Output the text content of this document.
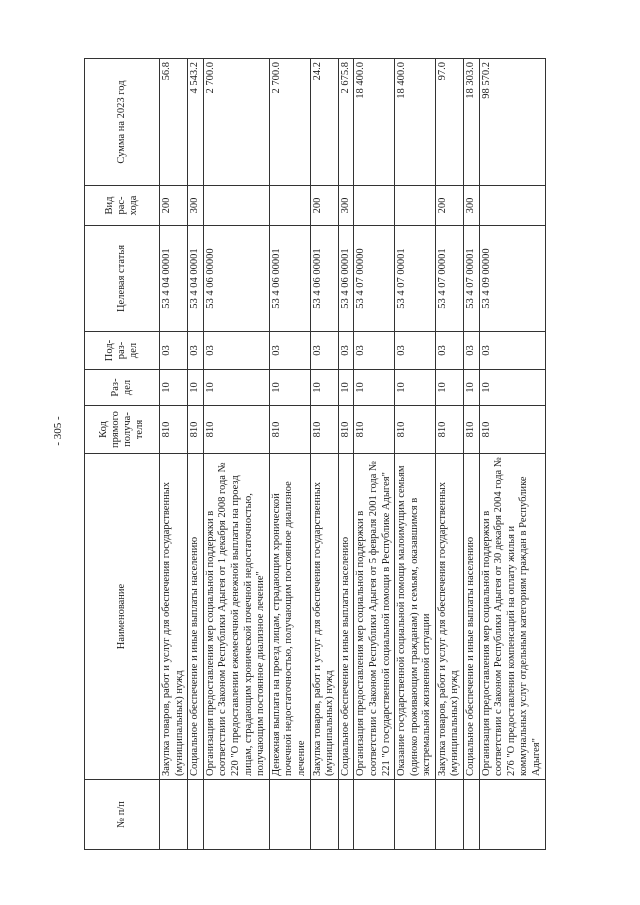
- 305 -
№ п/п	Наименование	Код прямого получа-теля	Раз-дел	Под-раз-дел	Целевая статья	Вид рас-хода	Сумма на 2023 год
	Закупка товаров, работ и услуг для обеспечения государственных (муниципальных) нужд	810	10	03	53 4 04 00001	200	56.8
	Социальное обеспечение и иные выплаты населению	810	10	03	53 4 04 00001	300	4 543.2
	Организация предоставления мер социальной поддержки в соответствии с Законом Республики Адыгея от 1 декабря 2008 года № 220 "О предоставлении ежемесячной денежной выплаты на проезд лицам, страдающим хронической почечной недостаточностью, получающим постоянное диализное лечение"	810	10	03	53 4 06 00000		2 700.0
	Денежная выплата на проезд лицам, страдающим хронической почечной недостаточностью, получающим постоянное диализное лечение	810	10	03	53 4 06 00001		2 700.0
	Закупка товаров, работ и услуг для обеспечения государственных (муниципальных) нужд	810	10	03	53 4 06 00001	200	24.2
	Социальное обеспечение и иные выплаты населению	810	10	03	53 4 06 00001	300	2 675.8
	Организация предоставления мер социальной поддержки в соответствии с Законом Республики Адыгея от 5 февраля 2001 года № 221 "О государственной социальной помощи в Республике Адыгея"	810	10	03	53 4 07 00000		18 400.0
	Оказание государственной социальной помощи малоимущим семьям (одиноко проживающим гражданам) и семьям, оказавшимся в экстремальной жизненной ситуации	810	10	03	53 4 07 00001		18 400.0
	Закупка товаров, работ и услуг для обеспечения государственных (муниципальных) нужд	810	10	03	53 4 07 00001	200	97.0
	Социальное обеспечение и иные выплаты населению	810	10	03	53 4 07 00001	300	18 303.0
	Организация предоставления мер социальной поддержки в соответствии с Законом Республики Адыгея от 30 декабря 2004 года № 276 "О предоставлении компенсаций на оплату жилья и коммунальных услуг отдельным категориям граждан в Республике Адыгея"	810	10	03	53 4 09 00000		98 570.2
